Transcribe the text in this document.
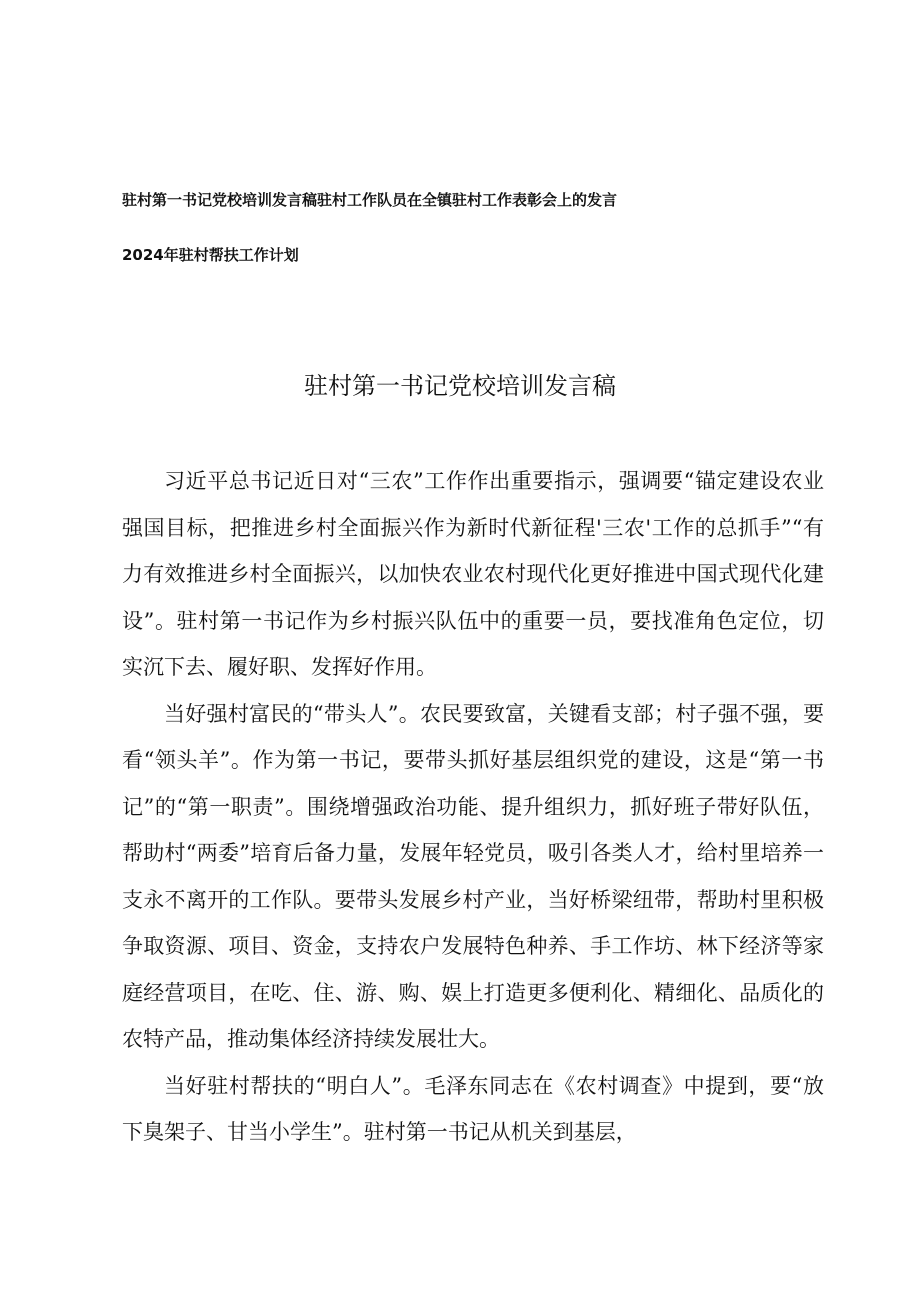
驻村第一书记党校培训发言稿驻村工作队员在全镇驻村工作表彰会上的发言
2024年驻村帮扶工作计划
驻村第一书记党校培训发言稿

习近平总书记近日对“三农”工作作出重要指示，强调要“锚定建设农业强国目标，把推进乡村全面振兴作为新时代新征程'三农'工作的总抓手”“有力有效推进乡村全面振兴，以加快农业农村现代化更好推进中国式现代化建设”。驻村第一书记作为乡村振兴队伍中的重要一员，要找准角色定位，切实沉下去、履好职、发挥好作用。

当好强村富民的“带头人”。农民要致富，关键看支部；村子强不强，要看“领头羊”。作为第一书记，要带头抓好基层组织党的建设，这是“第一书记”的“第一职责”。围绕增强政治功能、提升组织力，抓好班子带好队伍，帮助村“两委”培育后备力量，发展年轻党员，吸引各类人才，给村里培养一支永不离开的工作队。要带头发展乡村产业，当好桥梁纽带，帮助村里积极争取资源、项目、资金，支持农户发展特色种养、手工作坊、林下经济等家庭经营项目，在吃、住、游、购、娱上打造更多便利化、精细化、品质化的农特产品，推动集体经济持续发展壮大。

当好驻村帮扶的“明白人”。毛泽东同志在《农村调查》中提到，要“放下臭架子、甘当小学生”。驻村第一书记从机关到基层，
